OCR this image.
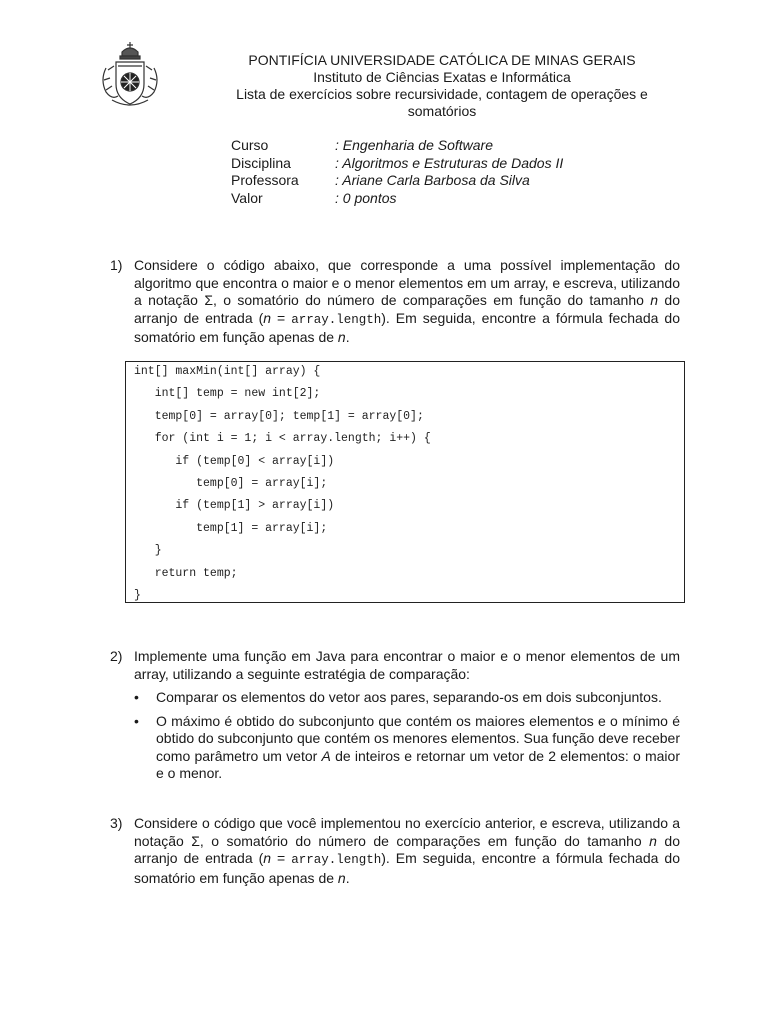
PONTIFÍCIA UNIVERSIDADE CATÓLICA DE MINAS GERAIS
Instituto de Ciências Exatas e Informática
Lista de exercícios sobre recursividade, contagem de operações e
somatórios
Curso	: Engenharia de Software
Disciplina	: Algoritmos e Estruturas de Dados II
Professora	: Ariane Carla Barbosa da Silva
Valor	: 0 pontos
1) Considere o código abaixo, que corresponde a uma possível implementação do algoritmo que encontra o maior e o menor elementos em um array, e escreva, utilizando a notação Σ, o somatório do número de comparações em função do tamanho n do arranjo de entrada (n = array.length). Em seguida, encontre a fórmula fechada do somatório em função apenas de n.
int[] maxMin(int[] array) {
int[] temp = new int[2];
temp[0] = array[0]; temp[1] = array[0];
for (int i = 1; i < array.length; i++) {
if (temp[0] < array[i])
temp[0] = array[i];
if (temp[1] > array[i])
temp[1] = array[i];
}
return temp;
}
2) Implemente uma função em Java para encontrar o maior e o menor elementos de um array, utilizando a seguinte estratégia de comparação:
• Comparar os elementos do vetor aos pares, separando-os em dois subconjuntos.
• O máximo é obtido do subconjunto que contém os maiores elementos e o mínimo é obtido do subconjunto que contém os menores elementos. Sua função deve receber como parâmetro um vetor A de inteiros e retornar um vetor de 2 elementos: o maior e o menor.
3) Considere o código que você implementou no exercício anterior, e escreva, utilizando a notação Σ, o somatório do número de comparações em função do tamanho n do arranjo de entrada (n = array.length). Em seguida, encontre a fórmula fechada do somatório em função apenas de n.
